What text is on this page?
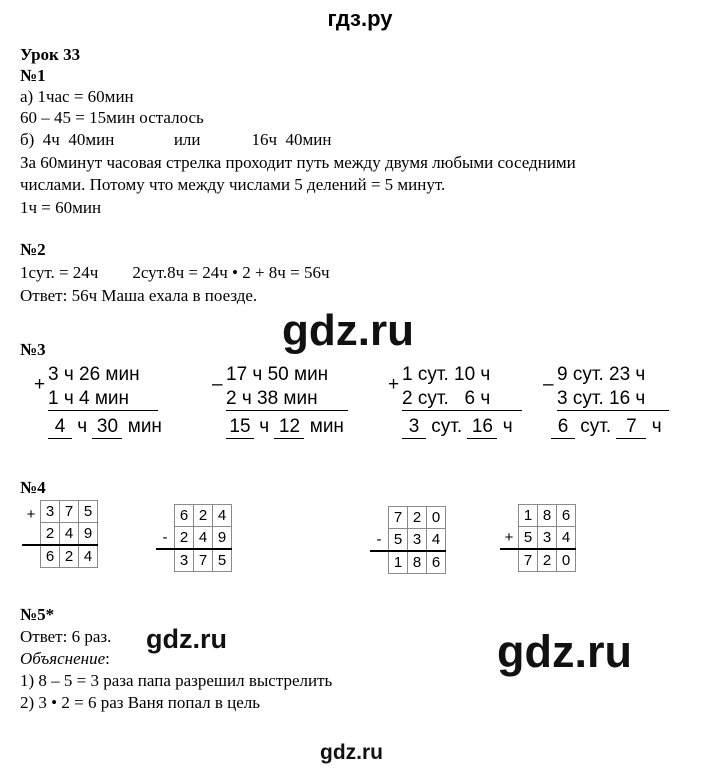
гдз.ру
Урок 33
№1
а) 1час = 60мин
60 – 45 = 15мин осталось
б)  4ч  40мин              или            16ч  40мин
За 60минут часовая стрелка проходит путь между двумя любыми соседними
числами. Потому что между числами 5 делений = 5 минут.
1ч = 60мин
№2
1сут. = 24ч        2сут.8ч = 24ч • 2 + 8ч = 56ч
Ответ: 56ч Маша ехала в поезде.
gdz.ru
№3
+ 3 ч 26 мин
1 ч 4 мин
4 ч 30 мин
– 17 ч 50 мин
2 ч 38 мин
15 ч 12 мин
+ 1 сут. 10 ч
2 сут.   6 ч
3 сут. 16 ч
– 9 сут. 23 ч
3 сут. 16 ч
6 сут. 7 ч
№4
+	3	7	5
	2	4	9
	6	2	4
	6	2	4
-	2	4	9
	3	7	5
	7	2	0
-	5	3	4
	1	8	6
	1	8	6
+	5	3	4
	7	2	0
№5*
Ответ: 6 раз.
Объяснение:
1) 8 – 5 = 3 раза папа разрешил выстрелить
2) 3 • 2 = 6 раз Ваня попал в цель
gdz.ru	gdz.ru
gdz.ru
